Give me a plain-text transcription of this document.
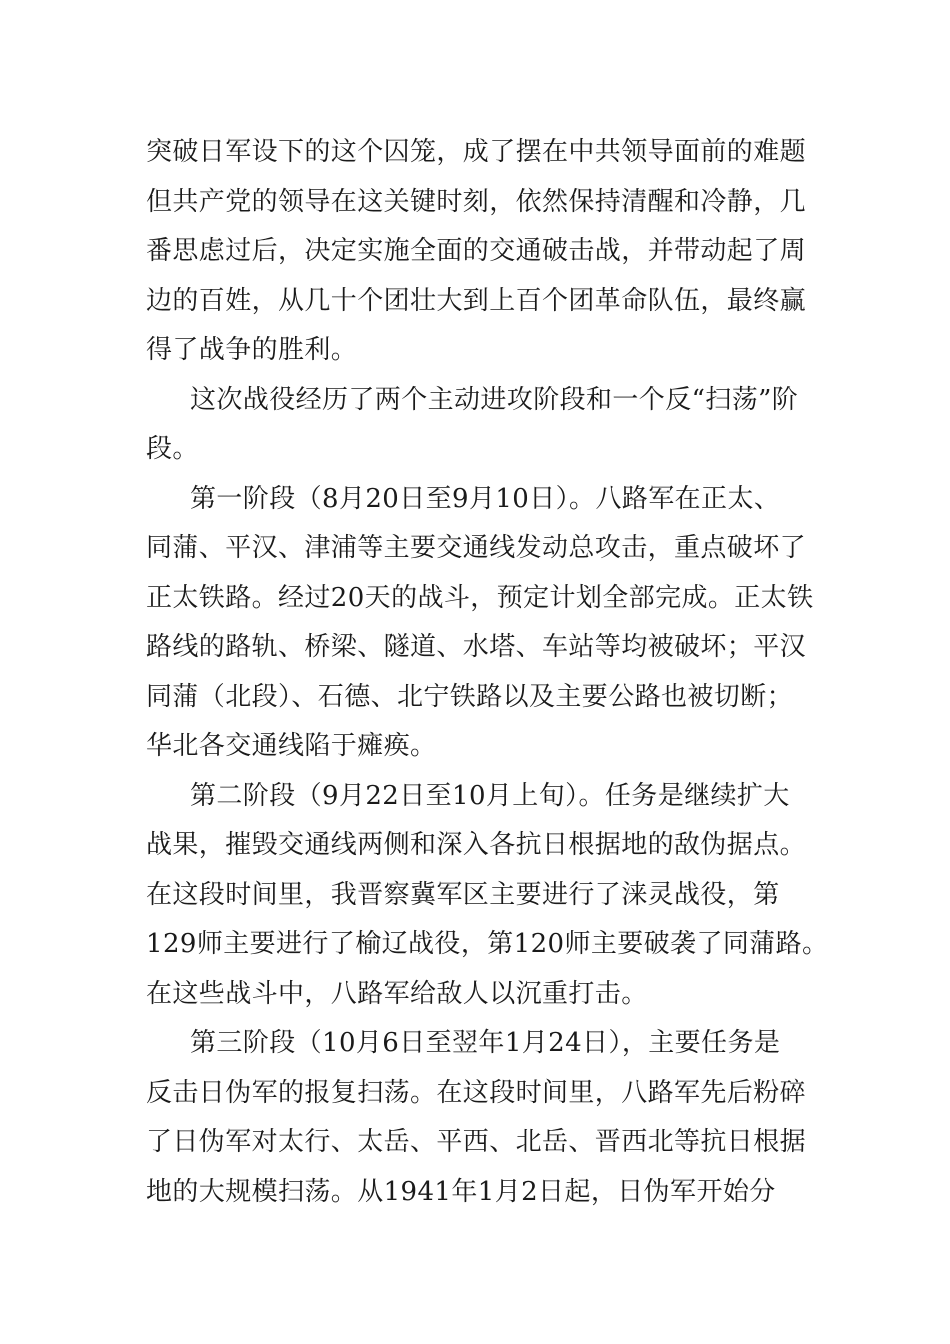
突破日军设下的这个囚笼，成了摆在中共领导面前的难题
但共产党的领导在这关键时刻，依然保持清醒和冷静，几
番思虑过后，决定实施全面的交通破击战，并带动起了周
边的百姓，从几十个团壮大到上百个团革命队伍，最终赢
得了战争的胜利。
这次战役经历了两个主动进攻阶段和一个反“扫荡”阶
段。
第一阶段（8月20日至9月10日）。八路军在正太、
同蒲、平汉、津浦等主要交通线发动总攻击，重点破坏了
正太铁路。经过20天的战斗，预定计划全部完成。正太铁
路线的路轨、桥梁、隧道、水塔、车站等均被破坏；平汉
同蒲（北段）、石德、北宁铁路以及主要公路也被切断；
华北各交通线陷于瘫痪。
第二阶段（9月22日至10月上旬）。任务是继续扩大
战果，摧毁交通线两侧和深入各抗日根据地的敌伪据点。
在这段时间里，我晋察冀军区主要进行了涞灵战役，第
129师主要进行了榆辽战役，第120师主要破袭了同蒲路。
在这些战斗中，八路军给敌人以沉重打击。
第三阶段（10月6日至翌年1月24日），主要任务是
反击日伪军的报复扫荡。在这段时间里，八路军先后粉碎
了日伪军对太行、太岳、平西、北岳、晋西北等抗日根据
地的大规模扫荡。从1941年1月2日起，日伪军开始分
